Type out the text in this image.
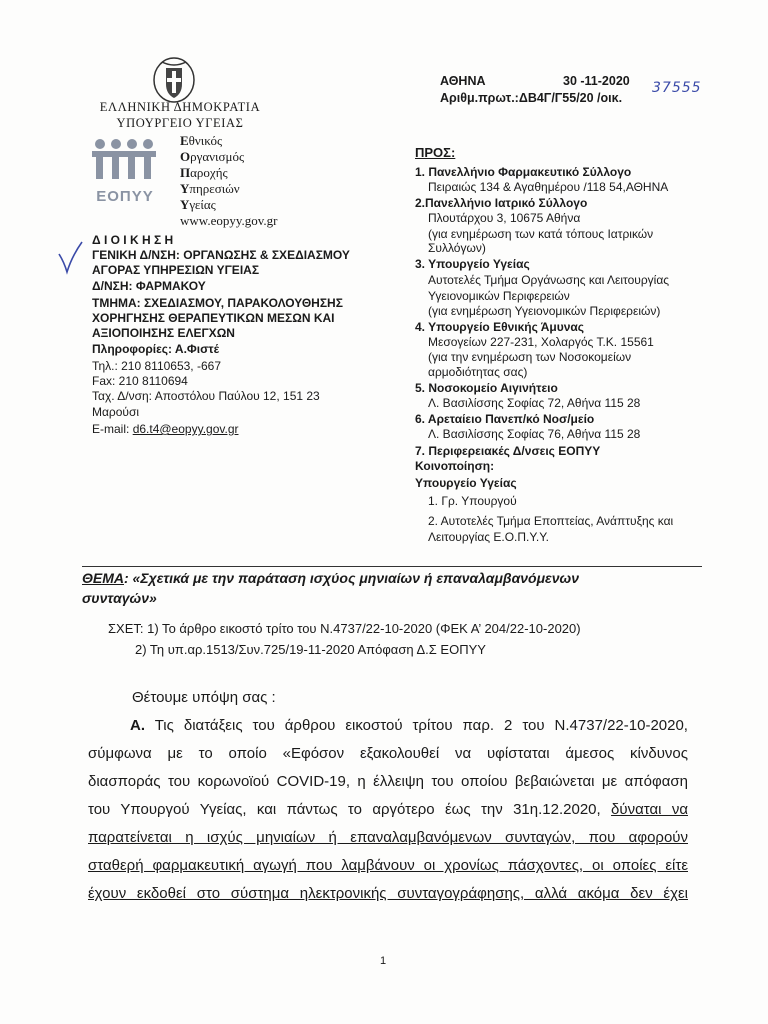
ΕΛΛΗΝΙΚΗ ΔΗΜΟΚΡΑΤΙΑ
ΥΠΟΥΡΓΕΙΟ ΥΓΕΙΑΣ
ΕΟΠΥΥ
Εθνικός
Οργανισμός
Παροχής
Υπηρεσιών
Υγείας
www.eopyy.gov.gr
Δ Ι Ο Ι Κ Η Σ Η
ΓΕΝΙΚΗ Δ/ΝΣΗ: ΟΡΓΑΝΩΣΗΣ & ΣΧΕΔΙΑΣΜΟΥ
ΑΓΟΡΑΣ ΥΠΗΡΕΣΙΩΝ ΥΓΕΙΑΣ
Δ/ΝΣΗ: ΦΑΡΜΑΚΟΥ
ΤΜΗΜΑ: ΣΧΕΔΙΑΣΜΟΥ, ΠΑΡΑΚΟΛΟΥΘΗΣΗΣ
ΧΟΡΗΓΗΣΗΣ ΘΕΡΑΠΕΥΤΙΚΩΝ ΜΕΣΩΝ ΚΑΙ
ΑΞΙΟΠΟΙΗΣΗΣ ΕΛΕΓΧΩΝ
Πληροφορίες: Α.Φιστέ
Τηλ.: 210 8110653, -667
Fax: 210 8110694
Ταχ. Δ/νση: Αποστόλου Παύλου 12, 151 23
Μαρούσι
E-mail: d6.t4@eopyy.gov.gr
ΑΘΗΝΑ	30 -11-2020
Αριθμ.πρωτ.:ΔΒ4Γ/Γ55/20 /οικ.
37555
ΠΡΟΣ:
1. Πανελλήνιο Φαρμακευτικό Σύλλογο
Πειραιώς 134 & Αγαθημέρου /118 54,ΑΘΗΝΑ
2.Πανελλήνιο Ιατρικό Σύλλογο
Πλουτάρχου 3, 10675 Αθήνα
(για ενημέρωση των κατά τόπους Ιατρικών
Συλλόγων)
3. Υπουργείο Υγείας
Αυτοτελές Τμήμα Οργάνωσης και Λειτουργίας
Υγειονομικών Περιφερειών
(για ενημέρωση Υγειονομικών Περιφερειών)
4. Υπουργείο Εθνικής Άμυνας
Μεσογείων 227-231, Χολαργός Τ.Κ. 15561
(για την ενημέρωση των Νοσοκομείων
αρμοδιότητας σας)
5. Νοσοκομείο Αιγινήτειο
Λ. Βασιλίσσης Σοφίας 72, Αθήνα 115 28
6. Αρεταίειο Πανεπ/κό Νοσ/μείο
Λ. Βασιλίσσης Σοφίας 76, Αθήνα 115 28
7. Περιφερειακές Δ/νσεις ΕΟΠΥΥ
Κοινοποίηση:
Υπουργείο Υγείας
1. Γρ. Υπουργού
2. Αυτοτελές Τμήμα Εποπτείας, Ανάπτυξης και
Λειτουργίας Ε.Ο.Π.Υ.Υ.
ΘΕΜΑ: «Σχετικά με την παράταση ισχύος μηνιαίων ή επαναλαμβανόμενων
συνταγών»
ΣΧΕΤ: 1) Το άρθρο εικοστό τρίτο του Ν.4737/22-10-2020 (ΦΕΚ Α’ 204/22-10-2020)
2) Τη υπ.αρ.1513/Συν.725/19-11-2020 Απόφαση Δ.Σ ΕΟΠΥΥ
Θέτουμε υπόψη σας :
Α. Τις διατάξεις του άρθρου εικοστού τρίτου παρ. 2 του Ν.4737/22-10-2020,
σύμφωνα με το οποίο «Εφόσον εξακολουθεί να υφίσταται άμεσος κίνδυνος
διασποράς του κορωνοϊού COVID-19, η έλλειψη του οποίου βεβαιώνεται με απόφαση
του Υπουργού Υγείας, και πάντως το αργότερο έως την 31η.12.2020, δύναται να
παρατείνεται η ισχύς μηνιαίων ή επαναλαμβανόμενων συνταγών, που αφορούν
σταθερή φαρμακευτική αγωγή που λαμβάνουν οι χρονίως πάσχοντες, οι οποίες είτε
έχουν εκδοθεί στο σύστημα ηλεκτρονικής συνταγογράφησης, αλλά ακόμα δεν έχει
1
